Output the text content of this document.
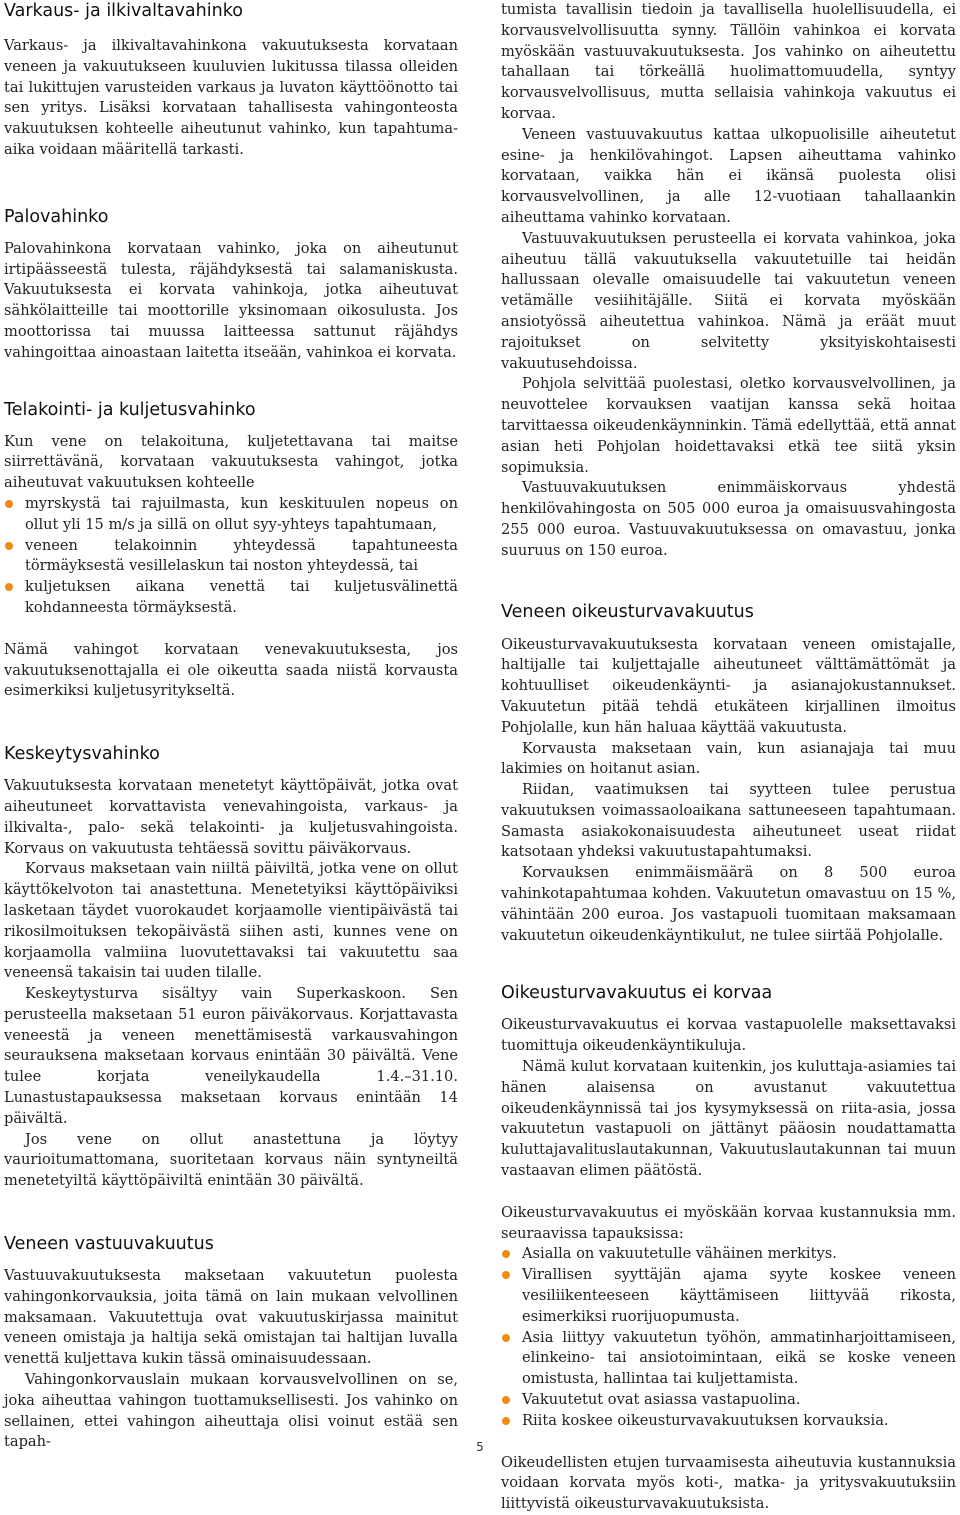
Varkaus- ja ilkivaltavahinko

Varkaus- ja ilkivaltavahinkona vakuutuksesta korvataan veneen ja vakuutukseen kuuluvien lukitussa tilassa olleiden tai lukittujen varusteiden varkaus ja luvaton käyttöönotto tai sen yritys. Lisäksi korvataan tahallisesta vahingonteosta vakuutuksen kohteelle aiheutunut vahinko, kun tapahtuma-aika voidaan määritellä tarkasti.

Palovahinko

Palovahinkona korvataan vahinko, joka on aiheutunut irtipäässeestä tulesta, räjähdyksestä tai salamaniskusta. Vakuutuksesta ei korvata vahinkoja, jotka aiheutuvat sähkölaitteille tai moottorille yksinomaan oikosulusta. Jos moottorissa tai muussa laitteessa sattunut räjähdys vahingoittaa ainoastaan laitetta itseään, vahinkoa ei korvata.

Telakointi- ja kuljetusvahinko

Kun vene on telakoituna, kuljetettavana tai maitse siirrettävänä, korvataan vakuutuksesta vahingot, jotka aiheutuvat vakuutuksen kohteelle

myrskystä tai rajuilmasta, kun keskituulen nopeus on ollut yli 15 m/s ja sillä on ollut syy-yhteys tapahtumaan,
veneen telakoinnin yhteydessä tapahtuneesta törmäyksestä vesillelaskun tai noston yhteydessä, tai
kuljetuksen aikana venettä tai kuljetusvälinettä kohdanneesta törmäyksestä.

Nämä vahingot korvataan venevakuutuksesta, jos vakuutuksenottajalla ei ole oikeutta saada niistä korvausta esimerkiksi kuljetusyritykseltä.

Keskeytysvahinko

Vakuutuksesta korvataan menetetyt käyttöpäivät, jotka ovat aiheutuneet korvattavista venevahingoista, varkaus- ja ilkivalta-, palo- sekä telakointi- ja kuljetusvahingoista. Korvaus on vakuutusta tehtäessä sovittu päiväkorvaus.

Korvaus maksetaan vain niiltä päiviltä, jotka vene on ollut käyttökelvoton tai anastettuna. Menetetyiksi käyttöpäiviksi lasketaan täydet vuorokaudet korjaamolle vientipäivästä tai rikosilmoituksen tekopäivästä siihen asti, kunnes vene on korjaamolla valmiina luovutettavaksi tai vakuutettu saa veneensä takaisin tai uuden tilalle.

Keskeytysturva sisältyy vain Superkaskoon. Sen perusteella maksetaan 51 euron päiväkorvaus. Korjattavasta veneestä ja veneen menettämisestä varkausvahingon seurauksena maksetaan korvaus enintään 30 päivältä. Vene tulee korjata veneilykaudella 1.4.–31.10. Lunastustapauksessa maksetaan korvaus enintään 14 päivältä.

Jos vene on ollut anastettuna ja löytyy vaurioitumattomana, suoritetaan korvaus näin syntyneiltä menetetyiltä käyttöpäiviltä enintään 30 päivältä.

Veneen vastuuvakuutus

Vastuuvakuutuksesta maksetaan vakuutetun puolesta vahingonkorvauksia, joita tämä on lain mukaan velvollinen maksamaan. Vakuutettuja ovat vakuutuskirjassa mainitut veneen omistaja ja haltija sekä omistajan tai haltijan luvalla venettä kuljettava kukin tässä ominaisuudessaan.

Vahingonkorvauslain mukaan korvausvelvollinen on se, joka aiheuttaa vahingon tuottamuksellisesti. Jos vahinko on sellainen, ettei vahingon aiheuttaja olisi voinut estää sen tapah-

tumista tavallisin tiedoin ja tavallisella huolellisuudella, ei korvausvelvollisuutta synny. Tällöin vahinkoa ei korvata myöskään vastuuvakuutuksesta. Jos vahinko on aiheutettu tahallaan tai törkeällä huolimattomuudella, syntyy korvausvelvollisuus, mutta sellaisia vahinkoja vakuutus ei korvaa.

Veneen vastuuvakuutus kattaa ulkopuolisille aiheutetut esine- ja henkilövahingot. Lapsen aiheuttama vahinko korvataan, vaikka hän ei ikänsä puolesta olisi korvausvelvollinen, ja alle 12-vuotiaan tahallaankin aiheuttama vahinko korvataan.

Vastuuvakuutuksen perusteella ei korvata vahinkoa, joka aiheutuu tällä vakuutuksella vakuutetuille tai heidän hallussaan olevalle omaisuudelle tai vakuutetun veneen vetämälle vesiihitäjälle. Siitä ei korvata myöskään ansiotyössä aiheutettua vahinkoa. Nämä ja eräät muut rajoitukset on selvitetty yksityiskohtaisesti vakuutusehdoissa.

Pohjola selvittää puolestasi, oletko korvausvelvollinen, ja neuvottelee korvauksen vaatijan kanssa sekä hoitaa tarvittaessa oikeudenkäynninkin. Tämä edellyttää, että annat asian heti Pohjolan hoidettavaksi etkä tee siitä yksin sopimuksia.

Vastuuvakuutuksen enimmäiskorvaus yhdestä henkilövahingosta on 505 000 euroa ja omaisuusvahingosta 255 000 euroa. Vastuuvakuutuksessa on omavastuu, jonka suuruus on 150 euroa.

Veneen oikeusturvavakuutus

Oikeusturvavakuutuksesta korvataan veneen omistajalle, haltijalle tai kuljettajalle aiheutuneet välttämättömät ja kohtuulliset oikeudenkäynti- ja asianajokustannukset. Vakuutetun pitää tehdä etukäteen kirjallinen ilmoitus Pohjolalle, kun hän haluaa käyttää vakuutusta.

Korvausta maksetaan vain, kun asianajaja tai muu lakimies on hoitanut asian.

Riidan, vaatimuksen tai syytteen tulee perustua vakuutuksen voimassaoloaikana sattuneeseen tapahtumaan. Samasta asiakokonaisuudesta aiheutuneet useat riidat katsotaan yhdeksi vakuutustapahtumaksi.

Korvauksen enimmäismäärä on 8 500 euroa vahinkotapahtumaa kohden. Vakuutetun omavastuu on 15 %, vähintään 200 euroa. Jos vastapuoli tuomitaan maksamaan vakuutetun oikeudenkäyntikulut, ne tulee siirtää Pohjolalle.

Oikeusturvavakuutus ei korvaa

Oikeusturvavakuutus ei korvaa vastapuolelle maksettavaksi tuomittuja oikeudenkäyntikuluja.

Nämä kulut korvataan kuitenkin, jos kuluttaja-asiamies tai hänen alaisensa on avustanut vakuutettua oikeudenkäynnissä tai jos kysymyksessä on riita-asia, jossa vakuutetun vastapuoli on jättänyt pääosin noudattamatta kuluttajavalituslautakunnan, Vakuutuslautakunnan tai muun vastaavan elimen päätöstä.

Oikeusturvavakuutus ei myöskään korvaa kustannuksia mm. seuraavissa tapauksissa:

Asialla on vakuutetulle vähäinen merkitys.
Virallisen syyttäjän ajama syyte koskee veneen vesiliikenteeseen käyttämiseen liittyvää rikosta, esimerkiksi ruorijuopumusta.
Asia liittyy vakuutetun työhön, ammatinharjoittamiseen, elinkeino- tai ansiotoimintaan, eikä se koske veneen omistusta, hallintaa tai kuljettamista.
Vakuutetut ovat asiassa vastapuolina.
Riita koskee oikeusturvavakuutuksen korvauksia.

Oikeudellisten etujen turvaamisesta aiheutuvia kustannuksia voidaan korvata myös koti-, matka- ja yritysvakuutuksiin liittyvistä oikeusturvavakuutuksista.

5
